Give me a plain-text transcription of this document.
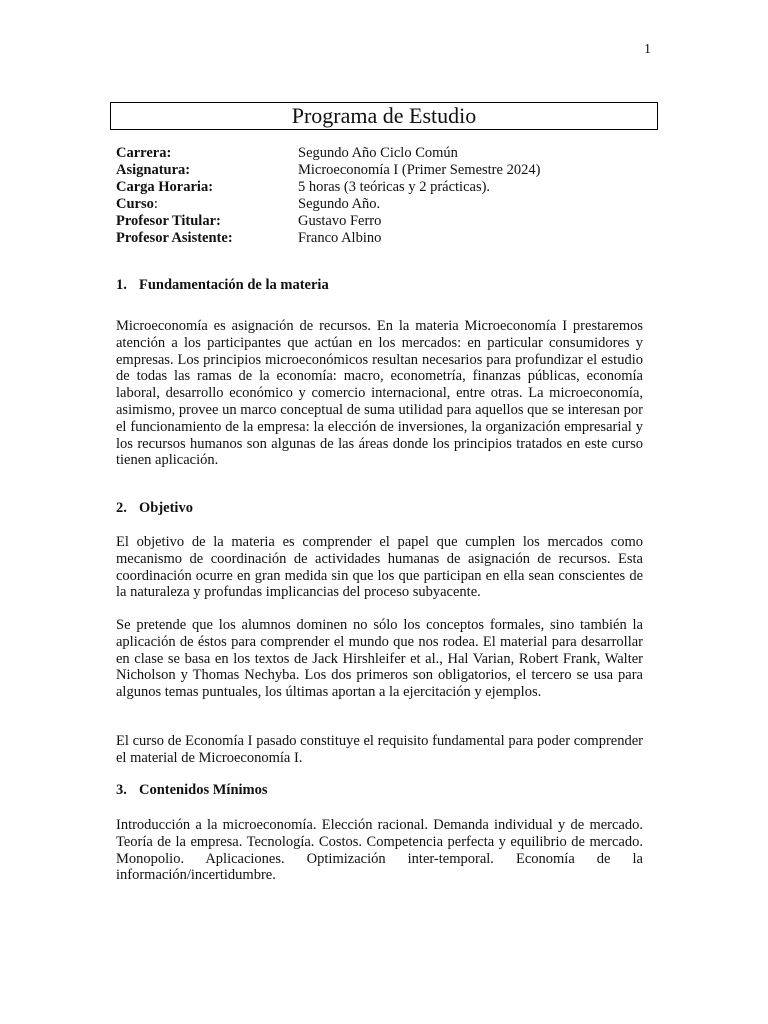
1
Programa de Estudio
Carrera:	Segundo Año Ciclo Común
Asignatura:	Microeconomía I (Primer Semestre 2024)
Carga Horaria:	5 horas (3 teóricas y 2 prácticas).
Curso:	Segundo Año.
Profesor Titular:	Gustavo Ferro
Profesor Asistente:	Franco Albino
1. Fundamentación de la materia

Microeconomía es asignación de recursos. En la materia Microeconomía I prestaremos atención a los participantes que actúan en los mercados: en particular consumidores y empresas. Los principios microeconómicos resultan necesarios para profundizar el estudio de todas las ramas de la economía: macro, econometría, finanzas públicas, economía laboral, desarrollo económico y comercio internacional, entre otras. La microeconomía, asimismo, provee un marco conceptual de suma utilidad para aquellos que se interesan por el funcionamiento de la empresa: la elección de inversiones, la organización empresarial y los recursos humanos son algunas de las áreas donde los principios tratados en este curso tienen aplicación.

2. Objetivo

El objetivo de la materia es comprender el papel que cumplen los mercados como mecanismo de coordinación de actividades humanas de asignación de recursos. Esta coordinación ocurre en gran medida sin que los que participan en ella sean conscientes de la naturaleza y profundas implicancias del proceso subyacente.

Se pretende que los alumnos dominen no sólo los conceptos formales, sino también la aplicación de éstos para comprender el mundo que nos rodea. El material para desarrollar en clase se basa en los textos de Jack Hirshleifer et al., Hal Varian, Robert Frank, Walter Nicholson y Thomas Nechyba. Los dos primeros son obligatorios, el tercero se usa para algunos temas puntuales, los últimas aportan a la ejercitación y ejemplos.

El curso de Economía I pasado constituye el requisito fundamental para poder comprender el material de Microeconomía I.

3. Contenidos Mínimos

Introducción a la microeconomía. Elección racional. Demanda individual y de mercado. Teoría de la empresa. Tecnología. Costos. Competencia perfecta y equilibrio de mercado. Monopolio. Aplicaciones. Optimización inter-temporal. Economía de la información/incertidumbre.
